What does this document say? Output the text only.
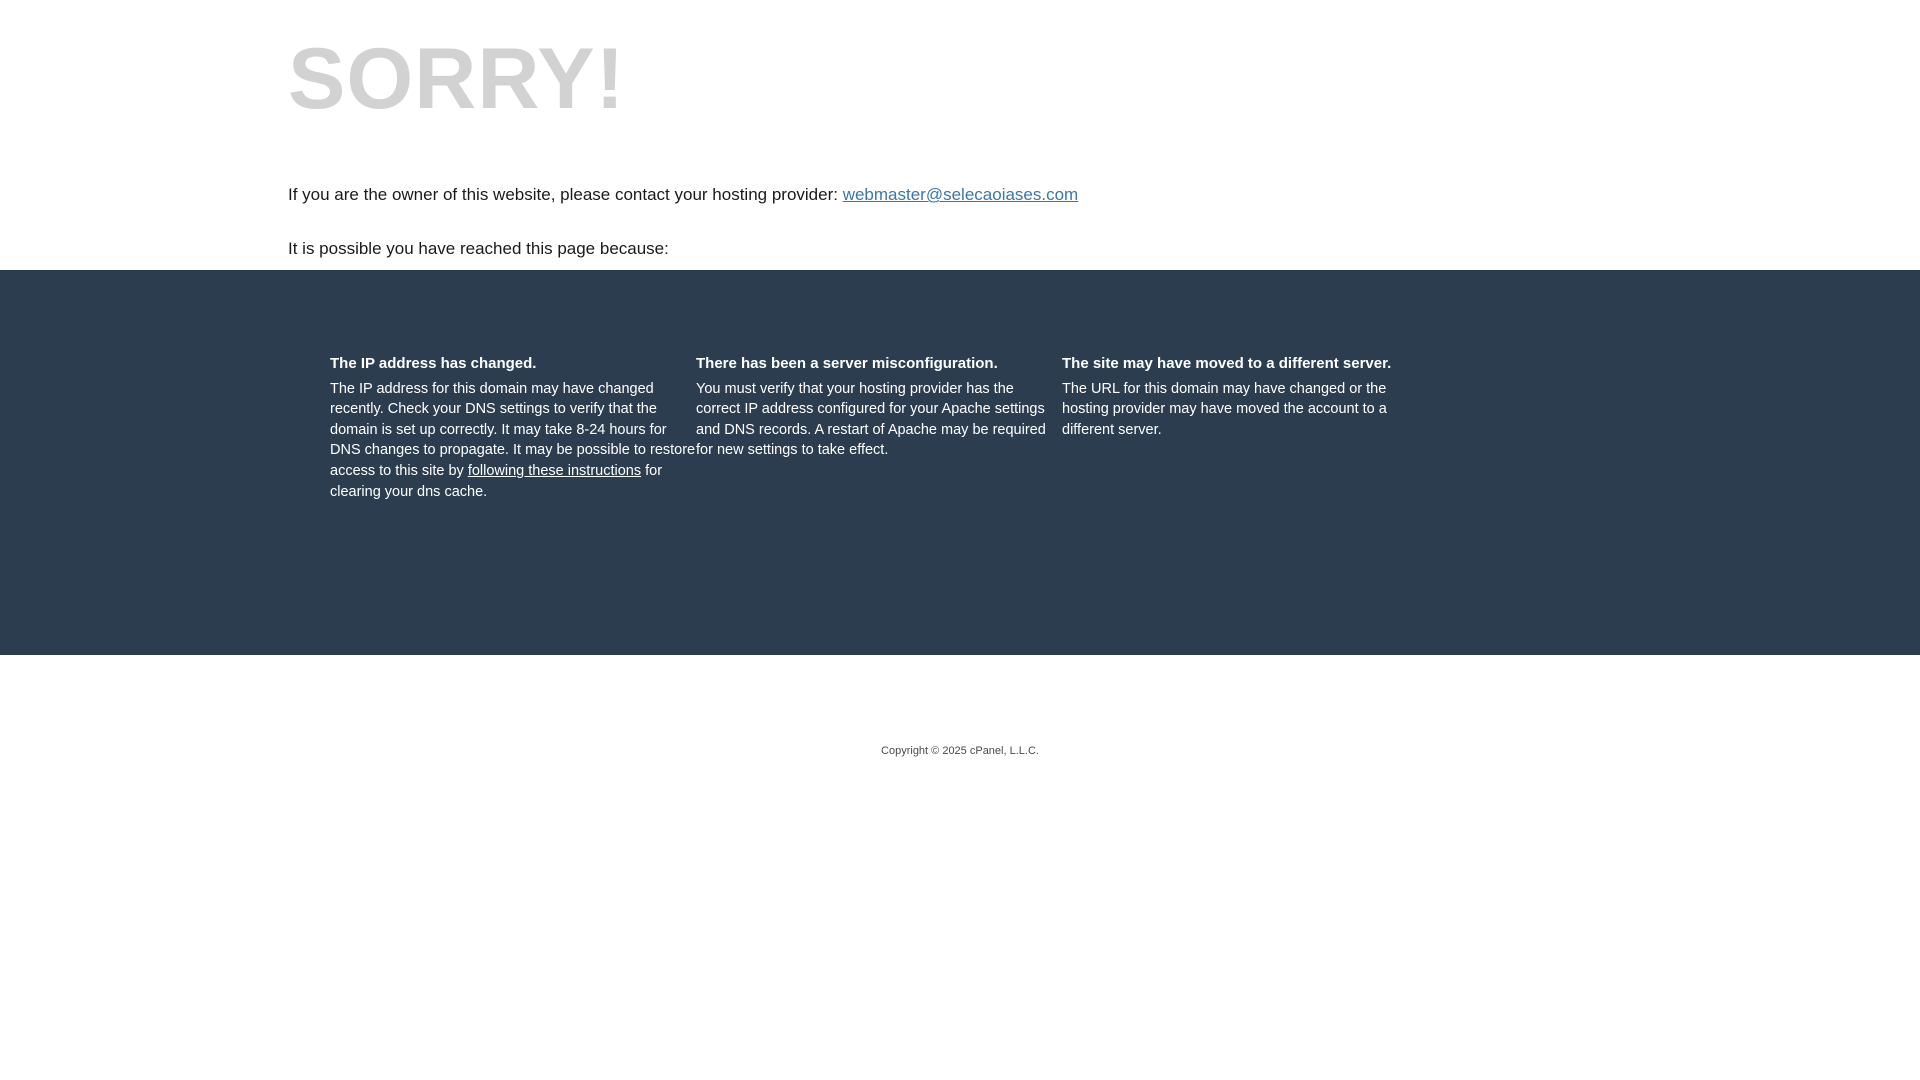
SORRY!
If you are the owner of this website, please contact your hosting provider: webmaster@selecaoiases.com
It is possible you have reached this page because:
The IP address has changed.

The IP address for this domain may have changed recently. Check your DNS settings to verify that the domain is set up correctly. It may take 8-24 hours for DNS changes to propagate. It may be possible to restore access to this site by following these instructions for clearing your dns cache.

There has been a server misconfiguration.

You must verify that your hosting provider has the correct IP address configured for your Apache settings and DNS records. A restart of Apache may be required for new settings to take effect.

The site may have moved to a different server.

The URL for this domain may have changed or the hosting provider may have moved the account to a different server.

Copyright © 2025 cPanel, L.L.C.
